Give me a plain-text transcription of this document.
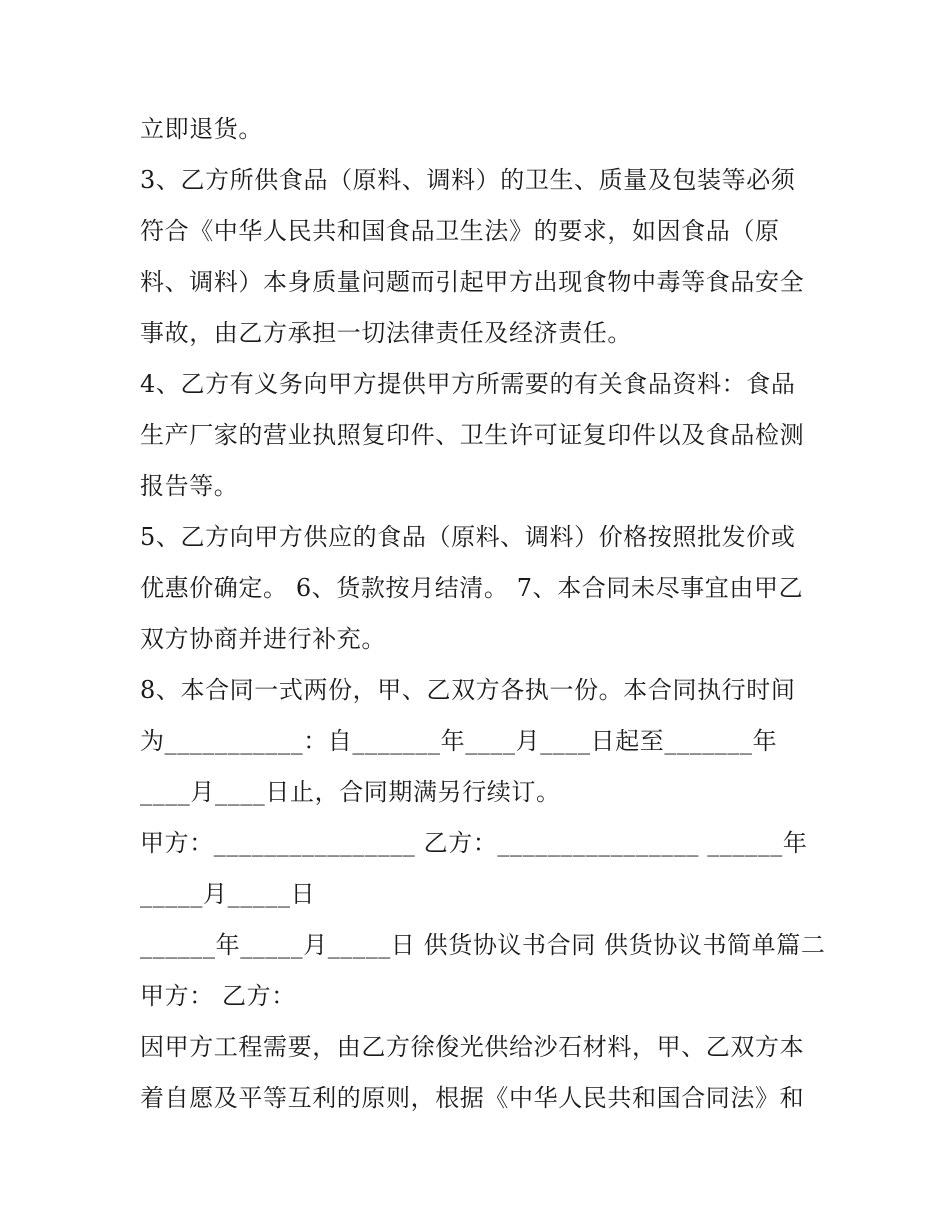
立即退货。
3、乙方所供食品（原料、调料）的卫生、质量及包装等必须
符合《中华人民共和国食品卫生法》的要求，如因食品（原
料、调料）本身质量问题而引起甲方出现食物中毒等食品安全
事故，由乙方承担一切法律责任及经济责任。
4、乙方有义务向甲方提供甲方所需要的有关食品资料：食品
生产厂家的营业执照复印件、卫生许可证复印件以及食品检测
报告等。
5、乙方向甲方供应的食品（原料、调料）价格按照批发价或
优惠价确定。 6、货款按月结清。 7、本合同未尽事宜由甲乙
双方协商并进行补充。
8、本合同一式两份，甲、乙双方各执一份。本合同执行时间
为___________：自_______年____月____日起至_______年
____月____日止，合同期满另行续订。
甲方：________________ 乙方：________________ ______年
_____月_____日
______年_____月_____日 供货协议书合同 供货协议书简单篇二
甲方： 乙方：
因甲方工程需要，由乙方徐俊光供给沙石材料，甲、乙双方本
着自愿及平等互利的原则，根据《中华人民共和国合同法》和
